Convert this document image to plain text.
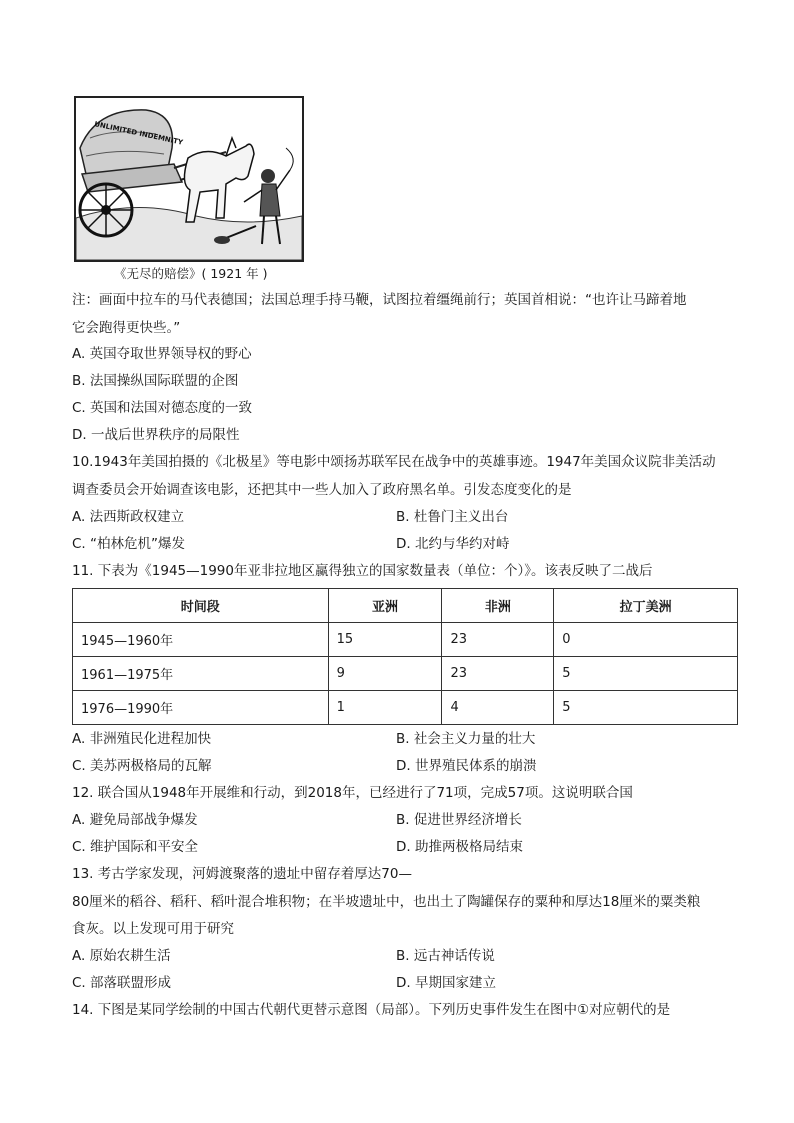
UNLIMITED INDEMNITY
《无尽的赔偿》( 1921 年 )
注：画面中拉车的马代表德国；法国总理手持马鞭，试图拉着缰绳前行；英国首相说：“也许让马蹄着地
它会跑得更快些。”
A. 英国夺取世界领导权的野心
B. 法国操纵国际联盟的企图
C. 英国和法国对德态度的一致
D. 一战后世界秩序的局限性
10.1943年美国拍摄的《北极星》等电影中颂扬苏联军民在战争中的英雄事迹。1947年美国众议院非美活动
调查委员会开始调查该电影，还把其中一些人加入了政府黑名单。引发态度变化的是
A. 法西斯政权建立	B. 杜鲁门主义出台
C. “柏林危机”爆发	D. 北约与华约对峙
11. 下表为《1945—1990年亚非拉地区赢得独立的国家数量表（单位：个）》。该表反映了二战后
时间段	亚洲	非洲	拉丁美洲
1945—1960年	15	23	0
1961—1975年	9	23	5
1976—1990年	1	4	5
A. 非洲殖民化进程加快	B. 社会主义力量的壮大
C. 美苏两极格局的瓦解	D. 世界殖民体系的崩溃
12. 联合国从1948年开展维和行动，到2018年，已经进行了71项，完成57项。这说明联合国
A. 避免局部战争爆发	B. 促进世界经济增长
C. 维护国际和平安全	D. 助推两极格局结束
13. 考古学家发现，河姆渡聚落的遗址中留存着厚达70—
80厘米的稻谷、稻秆、稻叶混合堆积物；在半坡遗址中，也出土了陶罐保存的粟种和厚达18厘米的粟类粮
食灰。以上发现可用于研究
A. 原始农耕生活	B. 远古神话传说
C. 部落联盟形成	D. 早期国家建立
14. 下图是某同学绘制的中国古代朝代更替示意图（局部）。下列历史事件发生在图中①对应朝代的是
